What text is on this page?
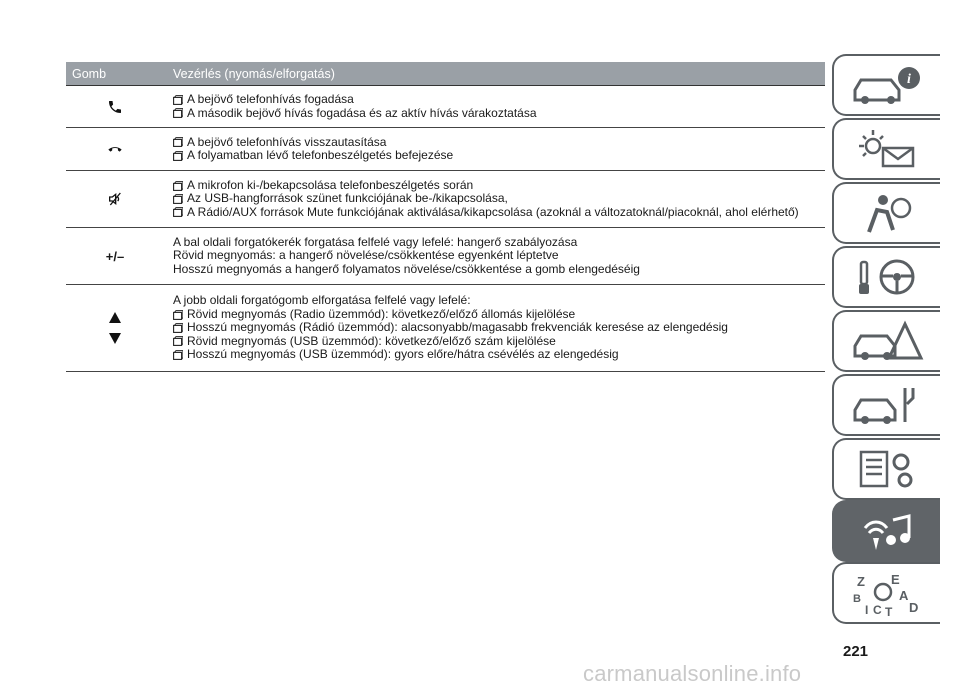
Gomb	Vezérlés (nyomás/elforgatás)
A bejövő telefonhívás fogadása
A második bejövő hívás fogadása és az aktív hívás várakoztatása
A bejövő telefonhívás visszautasítása
A folyamatban lévő telefonbeszélgetés befejezése
A mikrofon ki-/bekapcsolása telefonbeszélgetés során
Az USB-hangforrások szünet funkciójának be-/kikapcsolása,
A Rádió/AUX források Mute funkciójának aktiválása/kikapcsolása (azoknál a változatoknál/piacoknál, ahol elérhető)
+/–
A bal oldali forgatókerék forgatása felfelé vagy lefelé: hangerő szabályozása
Rövid megnyomás: a hangerő növelése/csökkentése egyenként léptetve
Hosszú megnyomás a hangerő folyamatos növelése/csökkentése a gomb elengedéséig
A jobb oldali forgatógomb elforgatása felfelé vagy lefelé:
Rövid megnyomás (Radio üzemmód): következő/előző állomás kijelölése
Hosszú megnyomás (Rádió üzemmód): alacsonyabb/magasabb frekvenciák keresése az elengedésig
Rövid megnyomás (USB üzemmód): következő/előző szám kijelölése
Hosszú megnyomás (USB üzemmód): gyors előre/hátra csévélés az elengedésig
i
Z E
B	A
I C T D
221
carmanualsonline.info
